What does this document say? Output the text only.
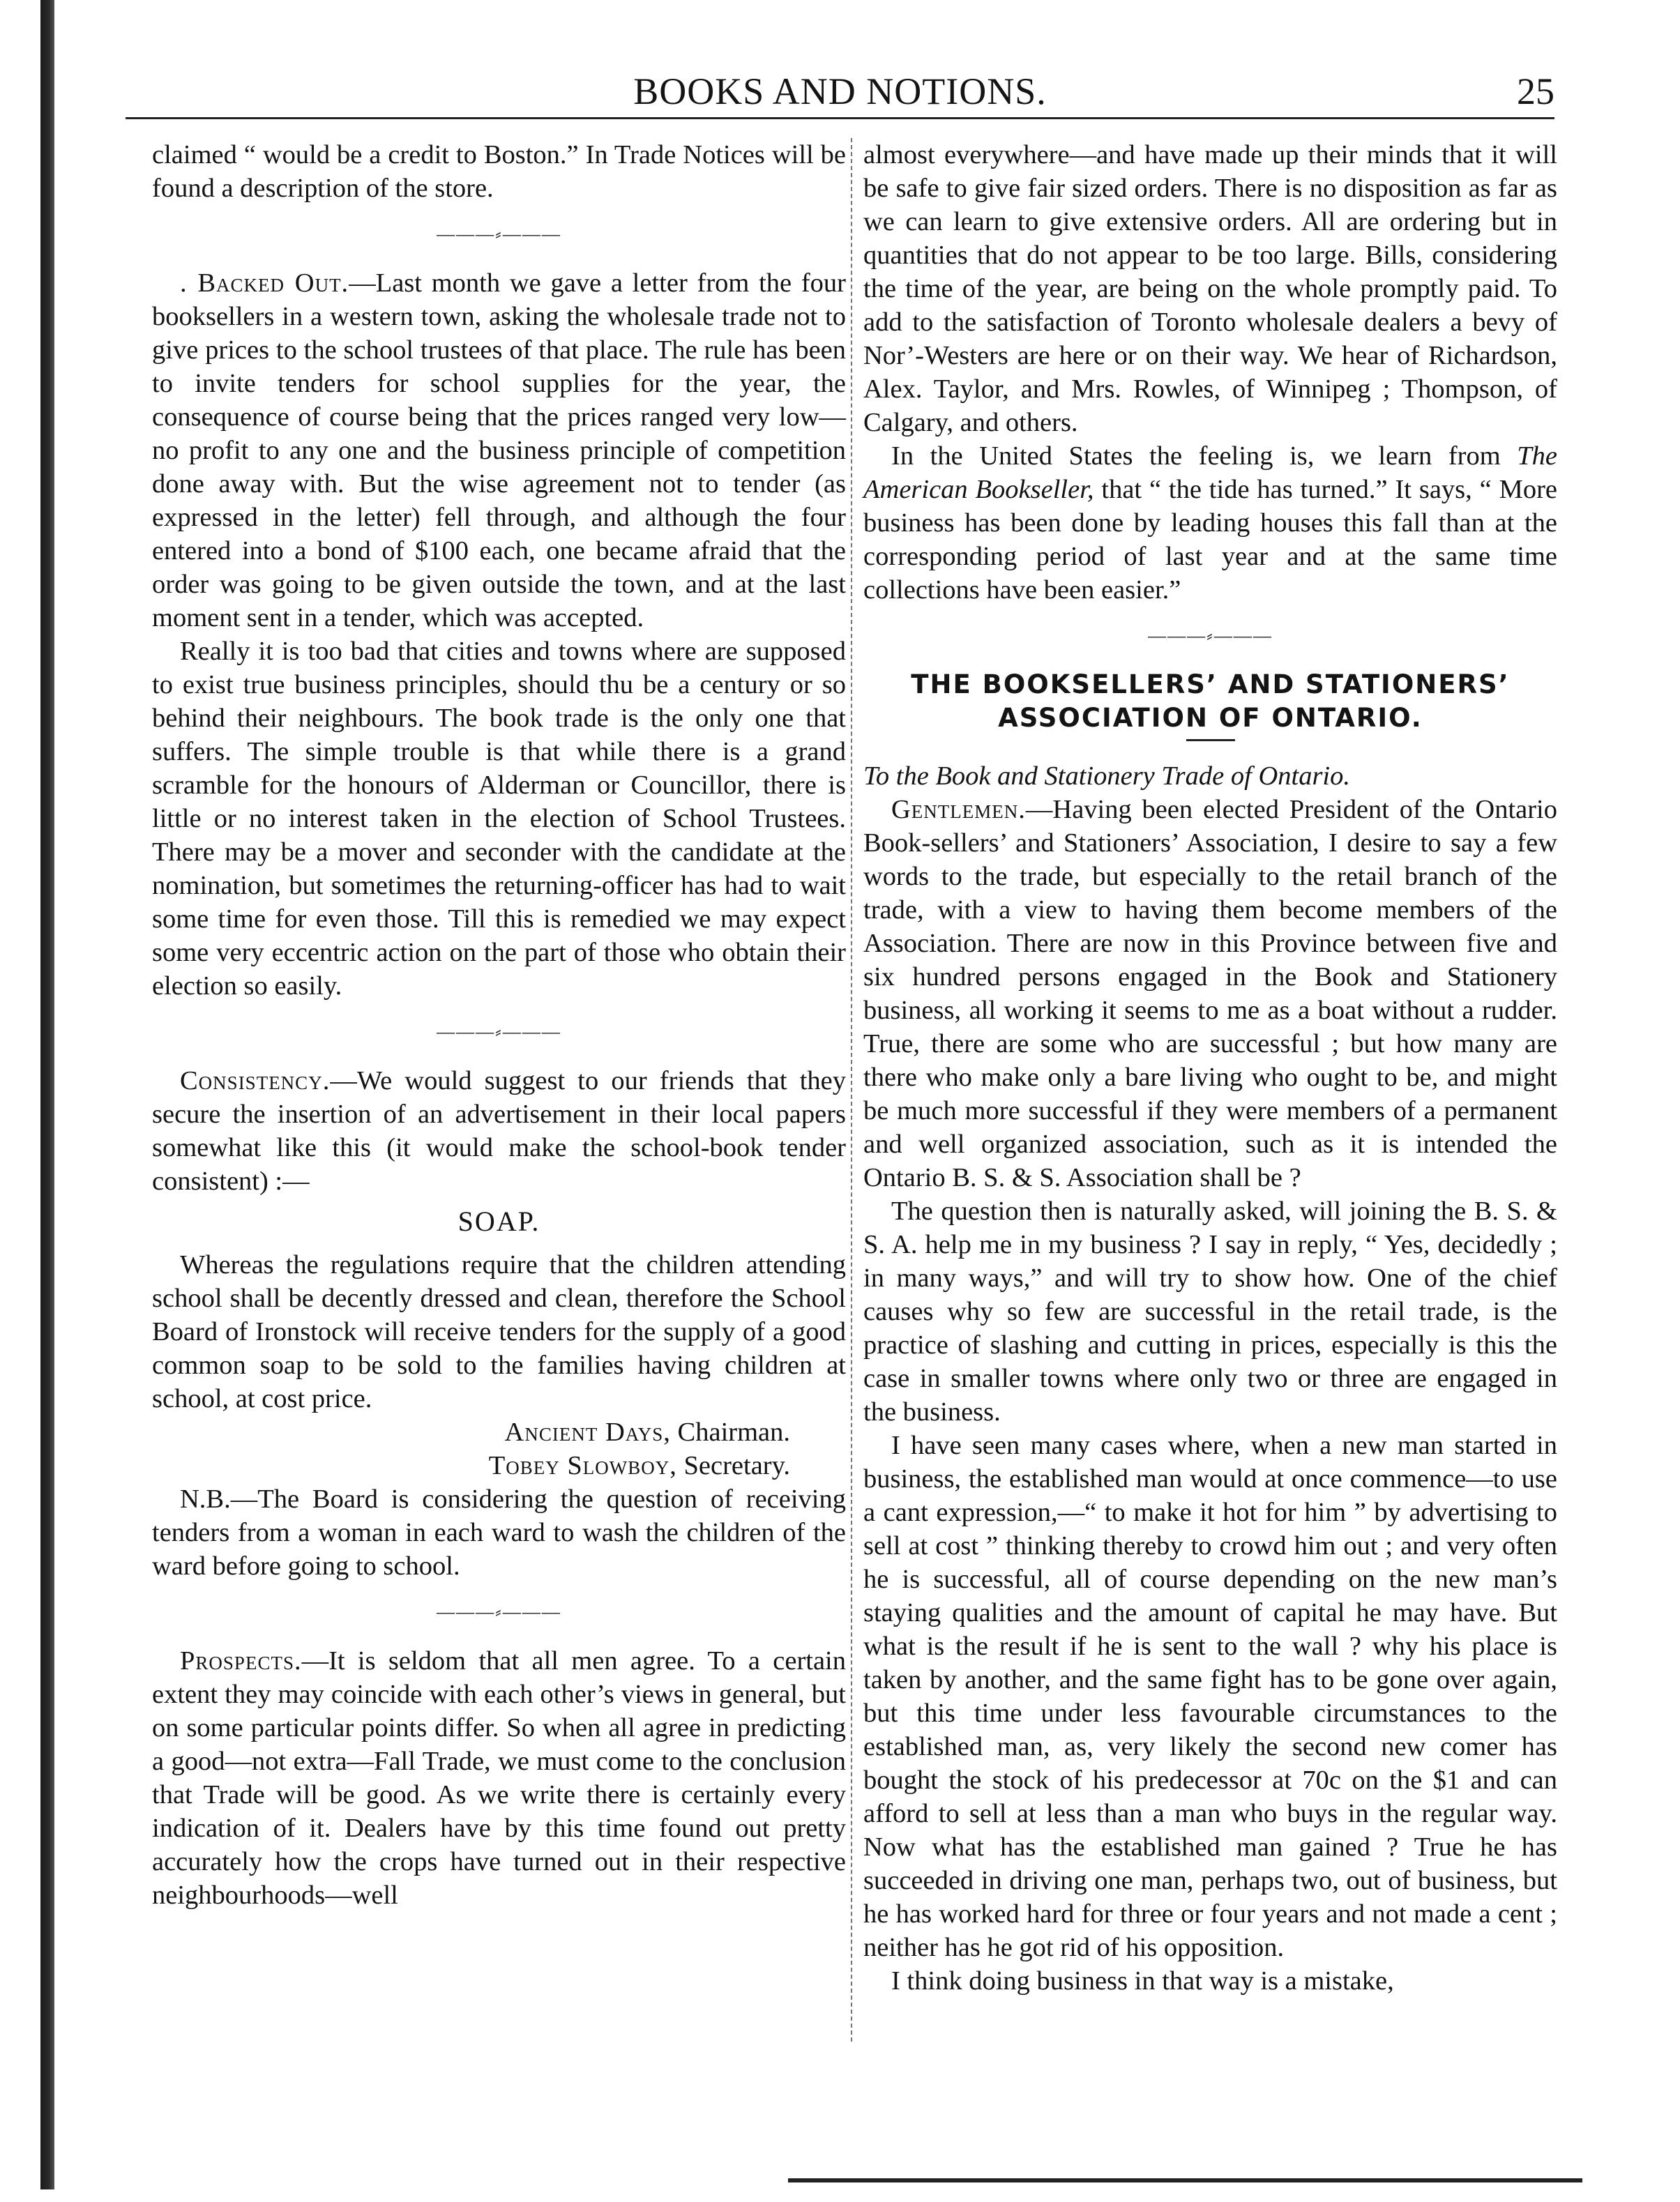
BOOKS AND NOTIONS.	25

claimed “ would be a credit to Boston.” In Trade Notices will be found a description of the store.

———⸗———

. Backed Out.—Last month we gave a letter from the four booksellers in a western town, asking the wholesale trade not to give prices to the school trustees of that place. The rule has been to invite tenders for school supplies for the year, the consequence of course being that the prices ranged very low—no profit to any one and the business principle of competition done away with. But the wise agreement not to tender (as expressed in the letter) fell through, and although the four entered into a bond of $100 each, one became afraid that the order was going to be given outside the town, and at the last moment sent in a tender, which was accepted.

Really it is too bad that cities and towns where are supposed to exist true business principles, should thu be a century or so behind their neighbours. The book trade is the only one that suffers. The simple trouble is that while there is a grand scramble for the honours of Alderman or Councillor, there is little or no interest taken in the election of School Trustees. There may be a mover and seconder with the candidate at the nomination, but sometimes the returning-officer has had to wait some time for even those. Till this is remedied we may expect some very eccentric action on the part of those who obtain their election so easily.

———⸗———

Consistency.—We would suggest to our friends that they secure the insertion of an advertisement in their local papers somewhat like this (it would make the school-book tender consistent) :—

SOAP.

Whereas the regulations require that the children attending school shall be decently dressed and clean, therefore the School Board of Ironstock will receive tenders for the supply of a good common soap to be sold to the families having children at school, at cost price.

Ancient Days, Chairman.

Tobey Slowboy, Secretary.

N.B.—The Board is considering the question of receiving tenders from a woman in each ward to wash the children of the ward before going to school.

———⸗———

Prospects.—It is seldom that all men agree. To a certain extent they may coincide with each other’s views in general, but on some particular points differ. So when all agree in predicting a good—not extra—Fall Trade, we must come to the conclusion that Trade will be good. As we write there is certainly every indication of it. Dealers have by this time found out pretty accurately how the crops have turned out in their respective neighbourhoods—well

almost everywhere—and have made up their minds that it will be safe to give fair sized orders. There is no disposition as far as we can learn to give extensive orders. All are ordering but in quantities that do not appear to be too large. Bills, considering the time of the year, are being on the whole promptly paid. To add to the satisfaction of Toronto wholesale dealers a bevy of Nor’-Westers are here or on their way. We hear of Richardson, Alex. Taylor, and Mrs. Rowles, of Winnipeg ; Thompson, of Calgary, and others.

In the United States the feeling is, we learn from The American Bookseller, that “ the tide has turned.” It says, “ More business has been done by leading houses this fall than at the corresponding period of last year and at the same time collections have been easier.”

———⸗———
THE BOOKSELLERS’ AND STATIONERS’
ASSOCIATION OF ONTARIO.

To the Book and Stationery Trade of Ontario.

Gentlemen.—Having been elected President of the Ontario Book-sellers’ and Stationers’ Association, I desire to say a few words to the trade, but especially to the retail branch of the trade, with a view to having them become members of the Association. There are now in this Province between five and six hundred persons engaged in the Book and Stationery business, all working it seems to me as a boat without a rudder. True, there are some who are successful ; but how many are there who make only a bare living who ought to be, and might be much more successful if they were members of a permanent and well organized association, such as it is intended the Ontario B. S. & S. Association shall be ?

The question then is naturally asked, will joining the B. S. & S. A. help me in my business ? I say in reply, “ Yes, decidedly ; in many ways,” and will try to show how. One of the chief causes why so few are successful in the retail trade, is the practice of slashing and cutting in prices, especially is this the case in smaller towns where only two or three are engaged in the business.

I have seen many cases where, when a new man started in business, the established man would at once commence—to use a cant expression,—“ to make it hot for him ” by advertising to sell at cost ” thinking thereby to crowd him out ; and very often he is successful, all of course depending on the new man’s staying qualities and the amount of capital he may have. But what is the result if he is sent to the wall ? why his place is taken by another, and the same fight has to be gone over again, but this time under less favourable circumstances to the established man, as, very likely the second new comer has bought the stock of his predecessor at 70c on the $1 and can afford to sell at less than a man who buys in the regular way. Now what has the established man gained ? True he has succeeded in driving one man, perhaps two, out of business, but he has worked hard for three or four years and not made a cent ; neither has he got rid of his opposition.

I think doing business in that way is a mistake,
